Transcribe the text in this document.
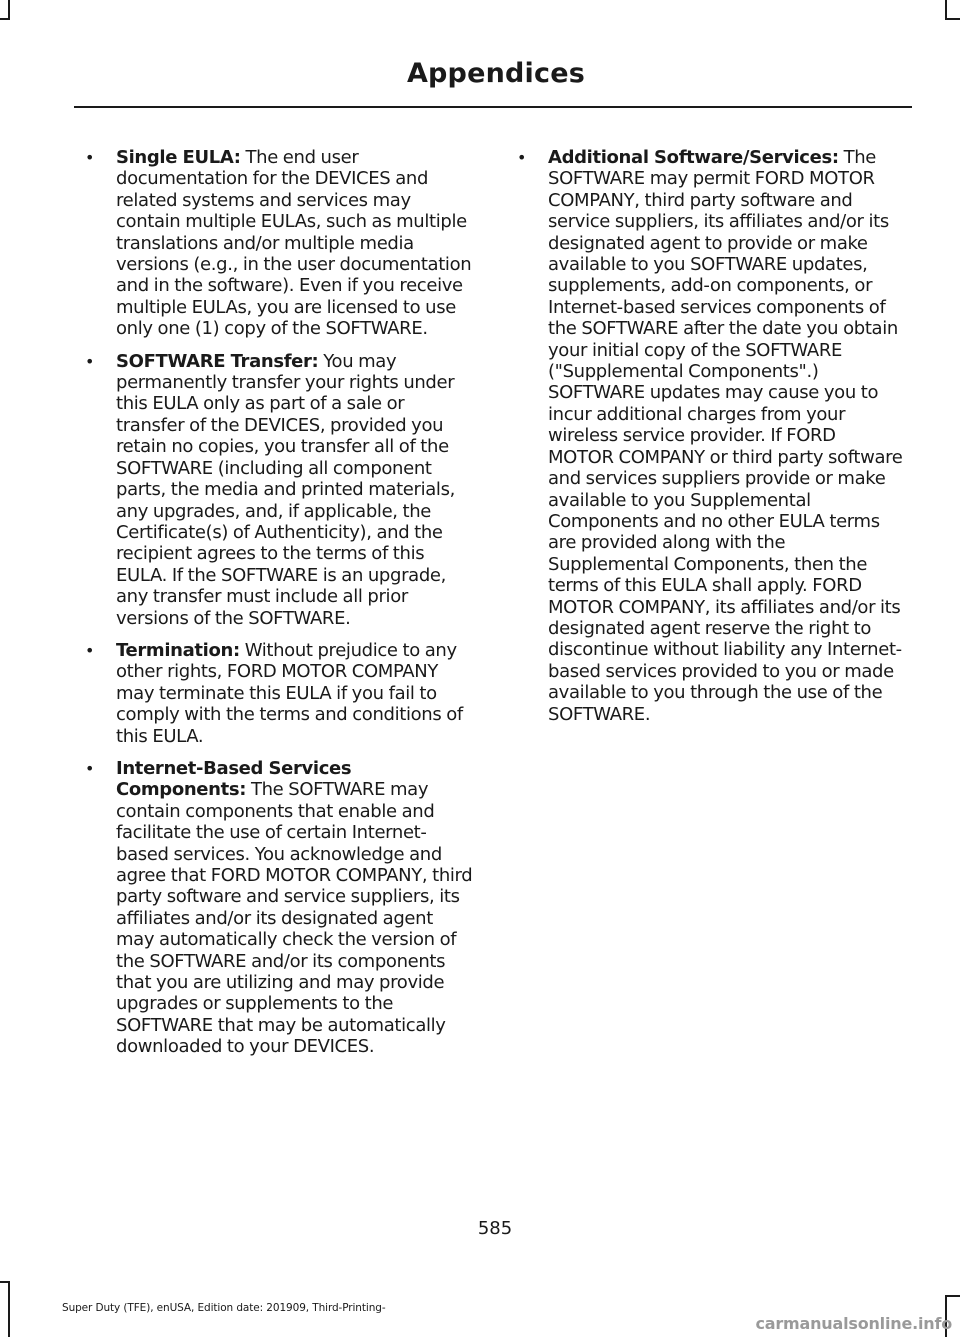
Appendices
• Single EULA: The end user documentation for the DEVICES and related systems and services may contain multiple EULAs, such as multiple translations and/or multiple media versions (e.g., in the user documentation and in the software). Even if you receive multiple EULAs, you are licensed to use only one (1) copy of the SOFTWARE.
• SOFTWARE Transfer: You may permanently transfer your rights under this EULA only as part of a sale or transfer of the DEVICES, provided you retain no copies, you transfer all of the SOFTWARE (including all component parts, the media and printed materials, any upgrades, and, if applicable, the Certificate(s) of Authenticity), and the recipient agrees to the terms of this EULA. If the SOFTWARE is an upgrade, any transfer must include all prior versions of the SOFTWARE.
• Termination: Without prejudice to any other rights, FORD MOTOR COMPANY may terminate this EULA if you fail to comply with the terms and conditions of this EULA.
• Internet-Based Services Components: The SOFTWARE may contain components that enable and facilitate the use of certain Internet-based services. You acknowledge and agree that FORD MOTOR COMPANY, third party software and service suppliers, its affiliates and/or its designated agent may automatically check the version of the SOFTWARE and/or its components that you are utilizing and may provide upgrades or supplements to the SOFTWARE that may be automatically downloaded to your DEVICES.
• Additional Software/Services: The SOFTWARE may permit FORD MOTOR COMPANY, third party software and service suppliers, its affiliates and/or its designated agent to provide or make available to you SOFTWARE updates, supplements, add-on components, or Internet-based services components of the SOFTWARE after the date you obtain your initial copy of the SOFTWARE ("Supplemental Components".) SOFTWARE updates may cause you to incur additional charges from your wireless service provider. If FORD MOTOR COMPANY or third party software and services suppliers provide or make available to you Supplemental Components and no other EULA terms are provided along with the Supplemental Components, then the terms of this EULA shall apply. FORD MOTOR COMPANY, its affiliates and/or its designated agent reserve the right to discontinue without liability any Internet-based services provided to you or made available to you through the use of the SOFTWARE.

585

Super Duty (TFE), enUSA, Edition date: 201909, Third-Printing-

carmanualsonline.info
